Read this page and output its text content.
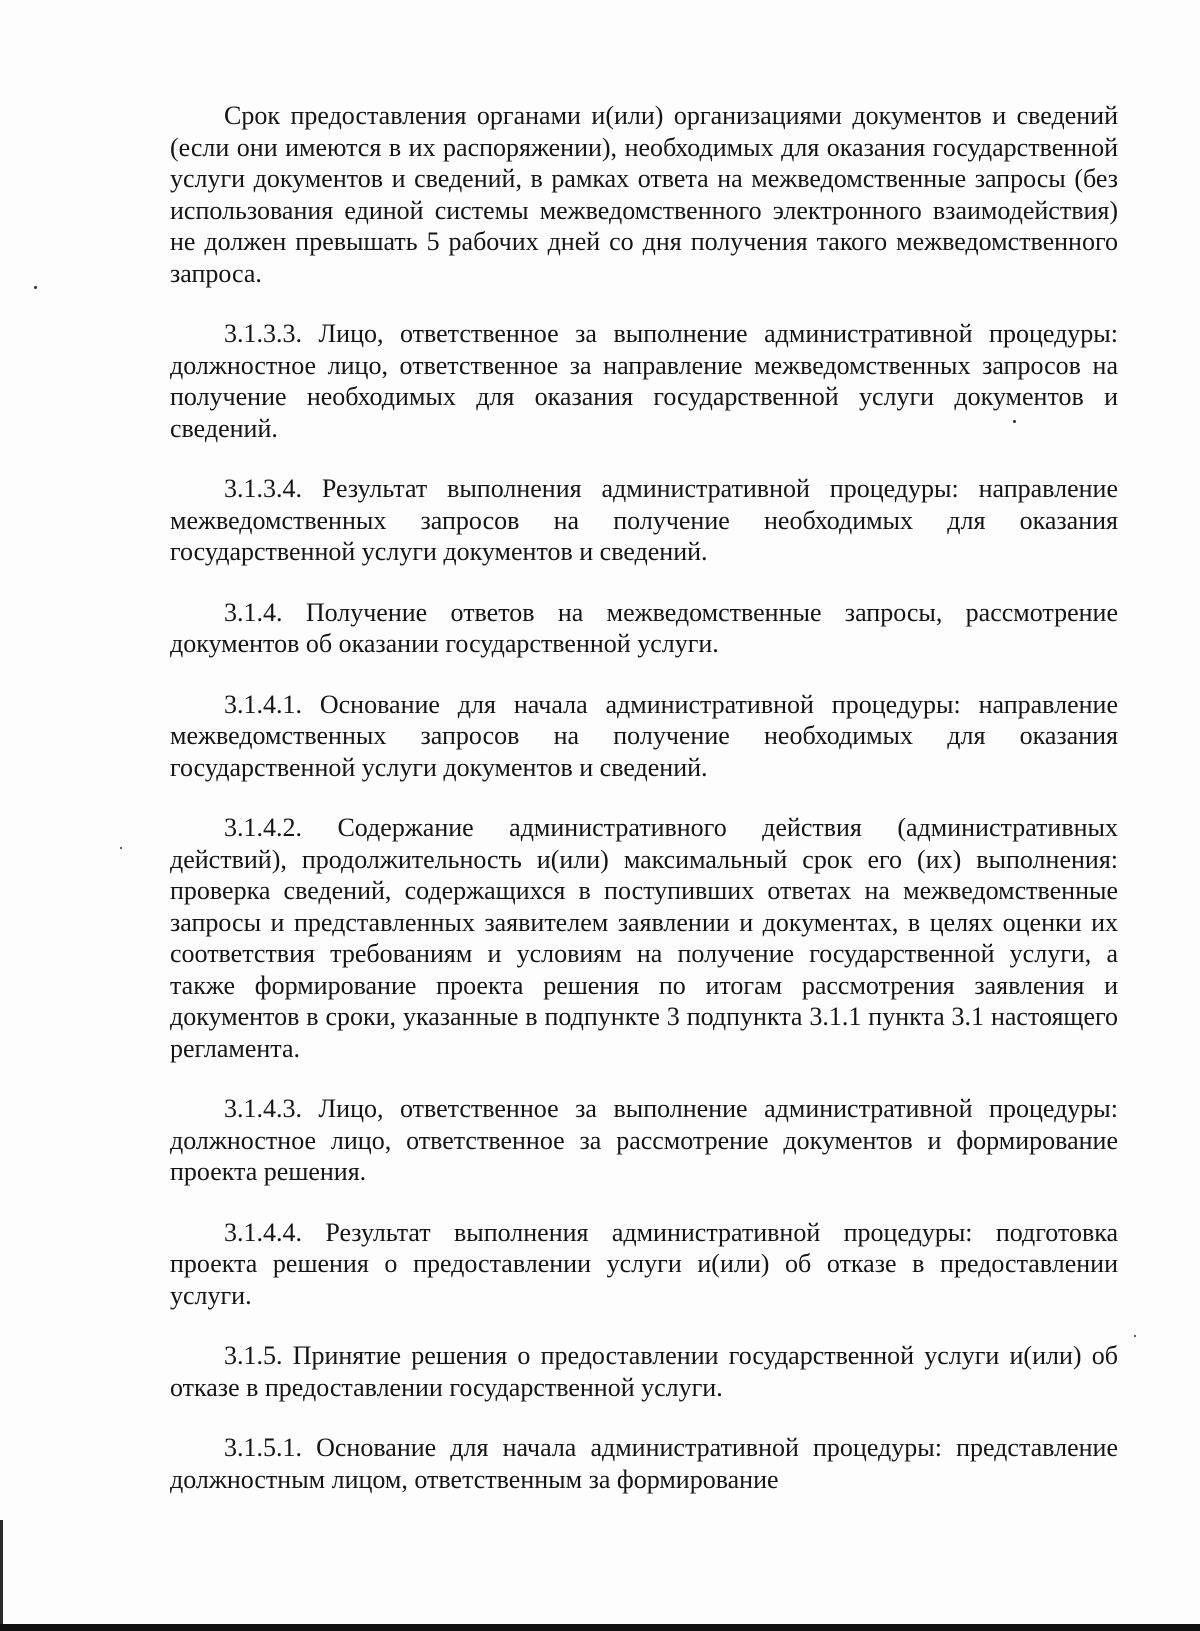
Срок предоставления органами и(или) организациями документов и сведений (если они имеются в их распоряжении), необходимых для оказания государственной услуги документов и сведений, в рамках ответа на межведомственные запросы (без использования единой системы межведомственного электронного взаимодействия) не должен превышать 5 рабочих дней со дня получения такого межведомственного запроса.

3.1.3.3. Лицо, ответственное за выполнение административной процедуры: должностное лицо, ответственное за направление межведомственных запросов на получение необходимых для оказания государственной услуги документов и сведений.

3.1.3.4. Результат выполнения административной процедуры: направление межведомственных запросов на получение необходимых для оказания государственной услуги документов и сведений.

3.1.4. Получение ответов на межведомственные запросы, рассмотрение документов об оказании государственной услуги.

3.1.4.1. Основание для начала административной процедуры: направление межведомственных запросов на получение необходимых для оказания государственной услуги документов и сведений.

3.1.4.2. Содержание административного действия (административных действий), продолжительность и(или) максимальный срок его (их) выполнения: проверка сведений, содержащихся в поступивших ответах на межведомственные запросы и представленных заявителем заявлении и документах, в целях оценки их соответствия требованиям и условиям на получение государственной услуги, а также формирование проекта решения по итогам рассмотрения заявления и документов в сроки, указанные в подпункте 3 подпункта 3.1.1 пункта 3.1 настоящего регламента.

3.1.4.3. Лицо, ответственное за выполнение административной процедуры: должностное лицо, ответственное за рассмотрение документов и формирование проекта решения.

3.1.4.4. Результат выполнения административной процедуры: подготовка проекта решения о предоставлении услуги и(или) об отказе в предоставлении услуги.

3.1.5. Принятие решения о предоставлении государственной услуги и(или) об отказе в предоставлении государственной услуги.

3.1.5.1. Основание для начала административной процедуры: представление должностным лицом, ответственным за формирование
